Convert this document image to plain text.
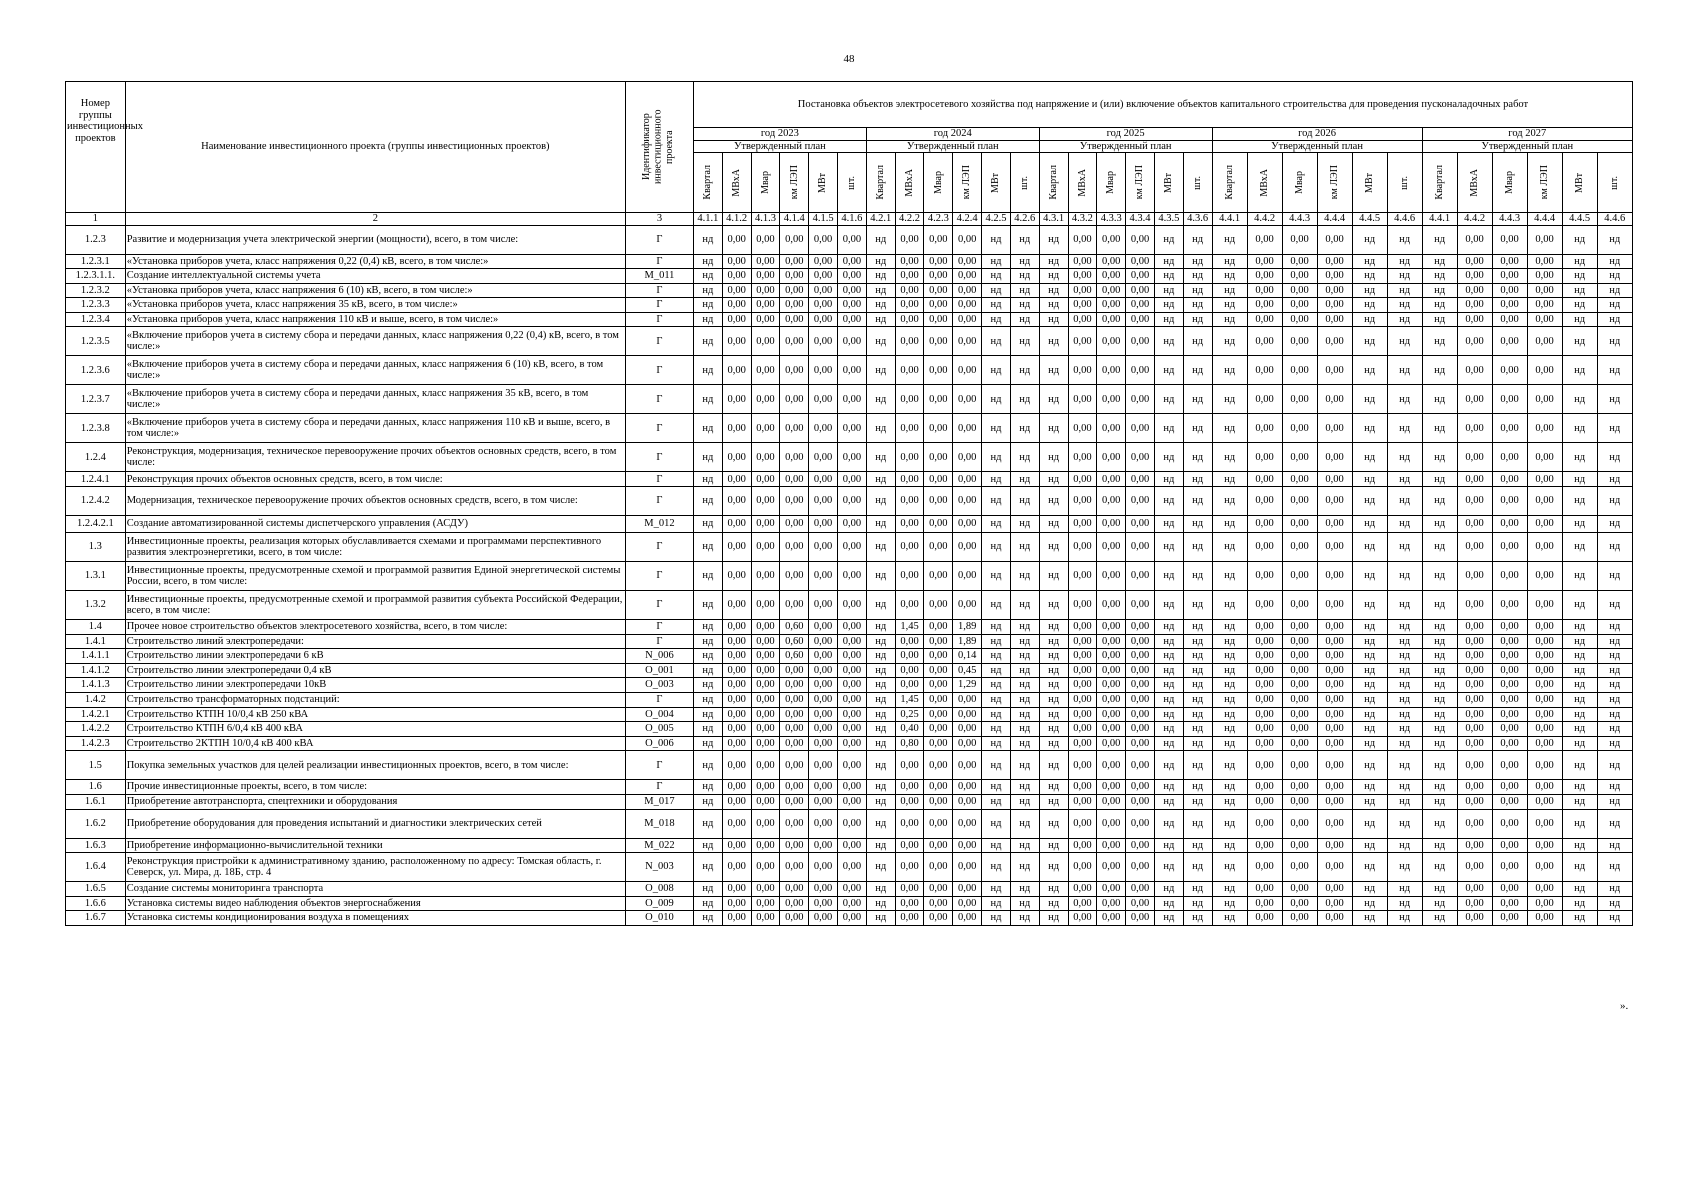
48
Номер группы инвестиционных проектов	Наименование инвестиционного проекта (группы инвестиционных проектов)	Идентификатор инвестиционного проекта	Постановка объектов электросетевого хозяйства под напряжение и (или) включение объектов капитального строительства для проведения пусконаладочных работ																													
			год 2023						год 2024						год 2025						год 2026						год 2027					
			Утвержденный план						Утвержденный план						Утвержденный план						Утвержденный план						Утвержденный план					

			Квартал	МВхА	Мвар	км ЛЭП	МВт	шт.	Квартал	МВхА	Мвар	км ЛЭП	МВт	шт.	Квартал	МВхА	Мвар	км ЛЭП	МВт	шт.	Квартал	МВхА	Мвар	км ЛЭП	МВт	шт.	Квартал	МВхА	Мвар	км ЛЭП	МВт	шт.

1	2	3	4.1.1	4.1.2	4.1.3	4.1.4	4.1.5	4.1.6	4.2.1	4.2.2	4.2.3	4.2.4	4.2.5	4.2.6	4.3.1	4.3.2	4.3.3	4.3.4	4.3.5	4.3.6	4.4.1	4.4.2	4.4.3	4.4.4	4.4.5	4.4.6	4.4.1	4.4.2	4.4.3	4.4.4	4.4.5	4.4.6
1.2.3	Развитие и модернизация учета электрической энергии (мощности), всего, в том числе:	Г	нд	0,00	0,00	0,00	0,00	0,00	нд	0,00	0,00	0,00	нд	нд	нд	0,00	0,00	0,00	нд	нд	нд	0,00	0,00	0,00	нд	нд	нд	0,00	0,00	0,00	нд	нд
1.2.3.1	«Установка приборов учета, класс напряжения 0,22 (0,4) кВ, всего, в том числе:»	Г	нд	0,00	0,00	0,00	0,00	0,00	нд	0,00	0,00	0,00	нд	нд	нд	0,00	0,00	0,00	нд	нд	нд	0,00	0,00	0,00	нд	нд	нд	0,00	0,00	0,00	нд	нд
1.2.3.1.1.	Создание интеллектуальной системы учета	М_011	нд	0,00	0,00	0,00	0,00	0,00	нд	0,00	0,00	0,00	нд	нд	нд	0,00	0,00	0,00	нд	нд	нд	0,00	0,00	0,00	нд	нд	нд	0,00	0,00	0,00	нд	нд
1.2.3.2	«Установка приборов учета, класс напряжения 6 (10) кВ, всего, в том числе:»	Г	нд	0,00	0,00	0,00	0,00	0,00	нд	0,00	0,00	0,00	нд	нд	нд	0,00	0,00	0,00	нд	нд	нд	0,00	0,00	0,00	нд	нд	нд	0,00	0,00	0,00	нд	нд
1.2.3.3	«Установка приборов учета, класс напряжения 35 кВ, всего, в том числе:»	Г	нд	0,00	0,00	0,00	0,00	0,00	нд	0,00	0,00	0,00	нд	нд	нд	0,00	0,00	0,00	нд	нд	нд	0,00	0,00	0,00	нд	нд	нд	0,00	0,00	0,00	нд	нд
1.2.3.4	«Установка приборов учета, класс напряжения 110 кВ и выше, всего, в том числе:»	Г	нд	0,00	0,00	0,00	0,00	0,00	нд	0,00	0,00	0,00	нд	нд	нд	0,00	0,00	0,00	нд	нд	нд	0,00	0,00	0,00	нд	нд	нд	0,00	0,00	0,00	нд	нд
1.2.3.5	«Включение приборов учета в систему сбора и передачи данных, класс напряжения 0,22 (0,4) кВ, всего, в том числе:»	Г	нд	0,00	0,00	0,00	0,00	0,00	нд	0,00	0,00	0,00	нд	нд	нд	0,00	0,00	0,00	нд	нд	нд	0,00	0,00	0,00	нд	нд	нд	0,00	0,00	0,00	нд	нд
1.2.3.6	«Включение приборов учета в систему сбора и передачи данных, класс напряжения 6 (10) кВ, всего, в том числе:»	Г	нд	0,00	0,00	0,00	0,00	0,00	нд	0,00	0,00	0,00	нд	нд	нд	0,00	0,00	0,00	нд	нд	нд	0,00	0,00	0,00	нд	нд	нд	0,00	0,00	0,00	нд	нд
1.2.3.7	«Включение приборов учета в систему сбора и передачи данных, класс напряжения 35 кВ, всего, в том числе:»	Г	нд	0,00	0,00	0,00	0,00	0,00	нд	0,00	0,00	0,00	нд	нд	нд	0,00	0,00	0,00	нд	нд	нд	0,00	0,00	0,00	нд	нд	нд	0,00	0,00	0,00	нд	нд
1.2.3.8	«Включение приборов учета в систему сбора и передачи данных, класс напряжения 110 кВ и выше, всего, в том числе:»	Г	нд	0,00	0,00	0,00	0,00	0,00	нд	0,00	0,00	0,00	нд	нд	нд	0,00	0,00	0,00	нд	нд	нд	0,00	0,00	0,00	нд	нд	нд	0,00	0,00	0,00	нд	нд
1.2.4	Реконструкция, модернизация, техническое перевооружение прочих объектов основных средств, всего, в том числе:	Г	нд	0,00	0,00	0,00	0,00	0,00	нд	0,00	0,00	0,00	нд	нд	нд	0,00	0,00	0,00	нд	нд	нд	0,00	0,00	0,00	нд	нд	нд	0,00	0,00	0,00	нд	нд
1.2.4.1	Реконструкция прочих объектов основных средств, всего, в том числе:	Г	нд	0,00	0,00	0,00	0,00	0,00	нд	0,00	0,00	0,00	нд	нд	нд	0,00	0,00	0,00	нд	нд	нд	0,00	0,00	0,00	нд	нд	нд	0,00	0,00	0,00	нд	нд
1.2.4.2	Модернизация, техническое перевооружение прочих объектов основных средств, всего, в том числе:	Г	нд	0,00	0,00	0,00	0,00	0,00	нд	0,00	0,00	0,00	нд	нд	нд	0,00	0,00	0,00	нд	нд	нд	0,00	0,00	0,00	нд	нд	нд	0,00	0,00	0,00	нд	нд
1.2.4.2.1	Создание автоматизированной системы диспетчерского управления (АСДУ)	М_012	нд	0,00	0,00	0,00	0,00	0,00	нд	0,00	0,00	0,00	нд	нд	нд	0,00	0,00	0,00	нд	нд	нд	0,00	0,00	0,00	нд	нд	нд	0,00	0,00	0,00	нд	нд
1.3	Инвестиционные проекты, реализация которых обуславливается схемами и программами перспективного развития электроэнергетики, всего, в том числе:	Г	нд	0,00	0,00	0,00	0,00	0,00	нд	0,00	0,00	0,00	нд	нд	нд	0,00	0,00	0,00	нд	нд	нд	0,00	0,00	0,00	нд	нд	нд	0,00	0,00	0,00	нд	нд
1.3.1	Инвестиционные проекты, предусмотренные схемой и программой развития Единой энергетической системы России, всего, в том числе:	Г	нд	0,00	0,00	0,00	0,00	0,00	нд	0,00	0,00	0,00	нд	нд	нд	0,00	0,00	0,00	нд	нд	нд	0,00	0,00	0,00	нд	нд	нд	0,00	0,00	0,00	нд	нд
1.3.2	Инвестиционные проекты, предусмотренные схемой и программой развития субъекта Российской Федерации, всего, в том числе:	Г	нд	0,00	0,00	0,00	0,00	0,00	нд	0,00	0,00	0,00	нд	нд	нд	0,00	0,00	0,00	нд	нд	нд	0,00	0,00	0,00	нд	нд	нд	0,00	0,00	0,00	нд	нд
1.4	Прочее новое строительство объектов электросетевого хозяйства, всего, в том числе:	Г	нд	0,00	0,00	0,60	0,00	0,00	нд	1,45	0,00	1,89	нд	нд	нд	0,00	0,00	0,00	нд	нд	нд	0,00	0,00	0,00	нд	нд	нд	0,00	0,00	0,00	нд	нд
1.4.1	Строительство линий электропередачи:	Г	нд	0,00	0,00	0,60	0,00	0,00	нд	0,00	0,00	1,89	нд	нд	нд	0,00	0,00	0,00	нд	нд	нд	0,00	0,00	0,00	нд	нд	нд	0,00	0,00	0,00	нд	нд
1.4.1.1	Строительство линии электропередачи 6 кВ	N_006	нд	0,00	0,00	0,60	0,00	0,00	нд	0,00	0,00	0,14	нд	нд	нд	0,00	0,00	0,00	нд	нд	нд	0,00	0,00	0,00	нд	нд	нд	0,00	0,00	0,00	нд	нд
1.4.1.2	Строительство линии электропередачи 0,4 кВ	O_001	нд	0,00	0,00	0,00	0,00	0,00	нд	0,00	0,00	0,45	нд	нд	нд	0,00	0,00	0,00	нд	нд	нд	0,00	0,00	0,00	нд	нд	нд	0,00	0,00	0,00	нд	нд
1.4.1.3	Строительство линии электропередачи 10кВ	O_003	нд	0,00	0,00	0,00	0,00	0,00	нд	0,00	0,00	1,29	нд	нд	нд	0,00	0,00	0,00	нд	нд	нд	0,00	0,00	0,00	нд	нд	нд	0,00	0,00	0,00	нд	нд
1.4.2	Строительство трансформаторных подстанций:	Г	нд	0,00	0,00	0,00	0,00	0,00	нд	1,45	0,00	0,00	нд	нд	нд	0,00	0,00	0,00	нд	нд	нд	0,00	0,00	0,00	нд	нд	нд	0,00	0,00	0,00	нд	нд
1.4.2.1	Строительство КТПН 10/0,4 кВ 250 кВА	O_004	нд	0,00	0,00	0,00	0,00	0,00	нд	0,25	0,00	0,00	нд	нд	нд	0,00	0,00	0,00	нд	нд	нд	0,00	0,00	0,00	нд	нд	нд	0,00	0,00	0,00	нд	нд
1.4.2.2	Строительство КТПН 6/0,4 кВ 400 кВА	O_005	нд	0,00	0,00	0,00	0,00	0,00	нд	0,40	0,00	0,00	нд	нд	нд	0,00	0,00	0,00	нд	нд	нд	0,00	0,00	0,00	нд	нд	нд	0,00	0,00	0,00	нд	нд
1.4.2.3	Строительство 2КТПН 10/0,4 кВ 400 кВА	O_006	нд	0,00	0,00	0,00	0,00	0,00	нд	0,80	0,00	0,00	нд	нд	нд	0,00	0,00	0,00	нд	нд	нд	0,00	0,00	0,00	нд	нд	нд	0,00	0,00	0,00	нд	нд
1.5	Покупка земельных участков для целей реализации инвестиционных проектов, всего, в том числе:	Г	нд	0,00	0,00	0,00	0,00	0,00	нд	0,00	0,00	0,00	нд	нд	нд	0,00	0,00	0,00	нд	нд	нд	0,00	0,00	0,00	нд	нд	нд	0,00	0,00	0,00	нд	нд
1.6	Прочие инвестиционные проекты, всего, в том числе:	Г	нд	0,00	0,00	0,00	0,00	0,00	нд	0,00	0,00	0,00	нд	нд	нд	0,00	0,00	0,00	нд	нд	нд	0,00	0,00	0,00	нд	нд	нд	0,00	0,00	0,00	нд	нд
1.6.1	Приобретение автотранспорта, спецтехники и оборудования	М_017	нд	0,00	0,00	0,00	0,00	0,00	нд	0,00	0,00	0,00	нд	нд	нд	0,00	0,00	0,00	нд	нд	нд	0,00	0,00	0,00	нд	нд	нд	0,00	0,00	0,00	нд	нд
1.6.2	Приобретение оборудования для проведения испытаний и диагностики электрических сетей	М_018	нд	0,00	0,00	0,00	0,00	0,00	нд	0,00	0,00	0,00	нд	нд	нд	0,00	0,00	0,00	нд	нд	нд	0,00	0,00	0,00	нд	нд	нд	0,00	0,00	0,00	нд	нд
1.6.3	Приобретение информационно-вычислительной техники	М_022	нд	0,00	0,00	0,00	0,00	0,00	нд	0,00	0,00	0,00	нд	нд	нд	0,00	0,00	0,00	нд	нд	нд	0,00	0,00	0,00	нд	нд	нд	0,00	0,00	0,00	нд	нд
1.6.4	Реконструкция пристройки к административному зданию, расположенному по адресу: Томская область, г. Северск, ул. Мира, д. 18Б, стр. 4	N_003	нд	0,00	0,00	0,00	0,00	0,00	нд	0,00	0,00	0,00	нд	нд	нд	0,00	0,00	0,00	нд	нд	нд	0,00	0,00	0,00	нд	нд	нд	0,00	0,00	0,00	нд	нд
1.6.5	Создание системы мониторинга транспорта	O_008	нд	0,00	0,00	0,00	0,00	0,00	нд	0,00	0,00	0,00	нд	нд	нд	0,00	0,00	0,00	нд	нд	нд	0,00	0,00	0,00	нд	нд	нд	0,00	0,00	0,00	нд	нд
1.6.6	Установка системы видео наблюдения объектов энергоснабжения	O_009	нд	0,00	0,00	0,00	0,00	0,00	нд	0,00	0,00	0,00	нд	нд	нд	0,00	0,00	0,00	нд	нд	нд	0,00	0,00	0,00	нд	нд	нд	0,00	0,00	0,00	нд	нд
1.6.7	Установка системы кондиционирования воздуха в помещениях	O_010	нд	0,00	0,00	0,00	0,00	0,00	нд	0,00	0,00	0,00	нд	нд	нд	0,00	0,00	0,00	нд	нд	нд	0,00	0,00	0,00	нд	нд	нд	0,00	0,00	0,00	нд	нд
».
